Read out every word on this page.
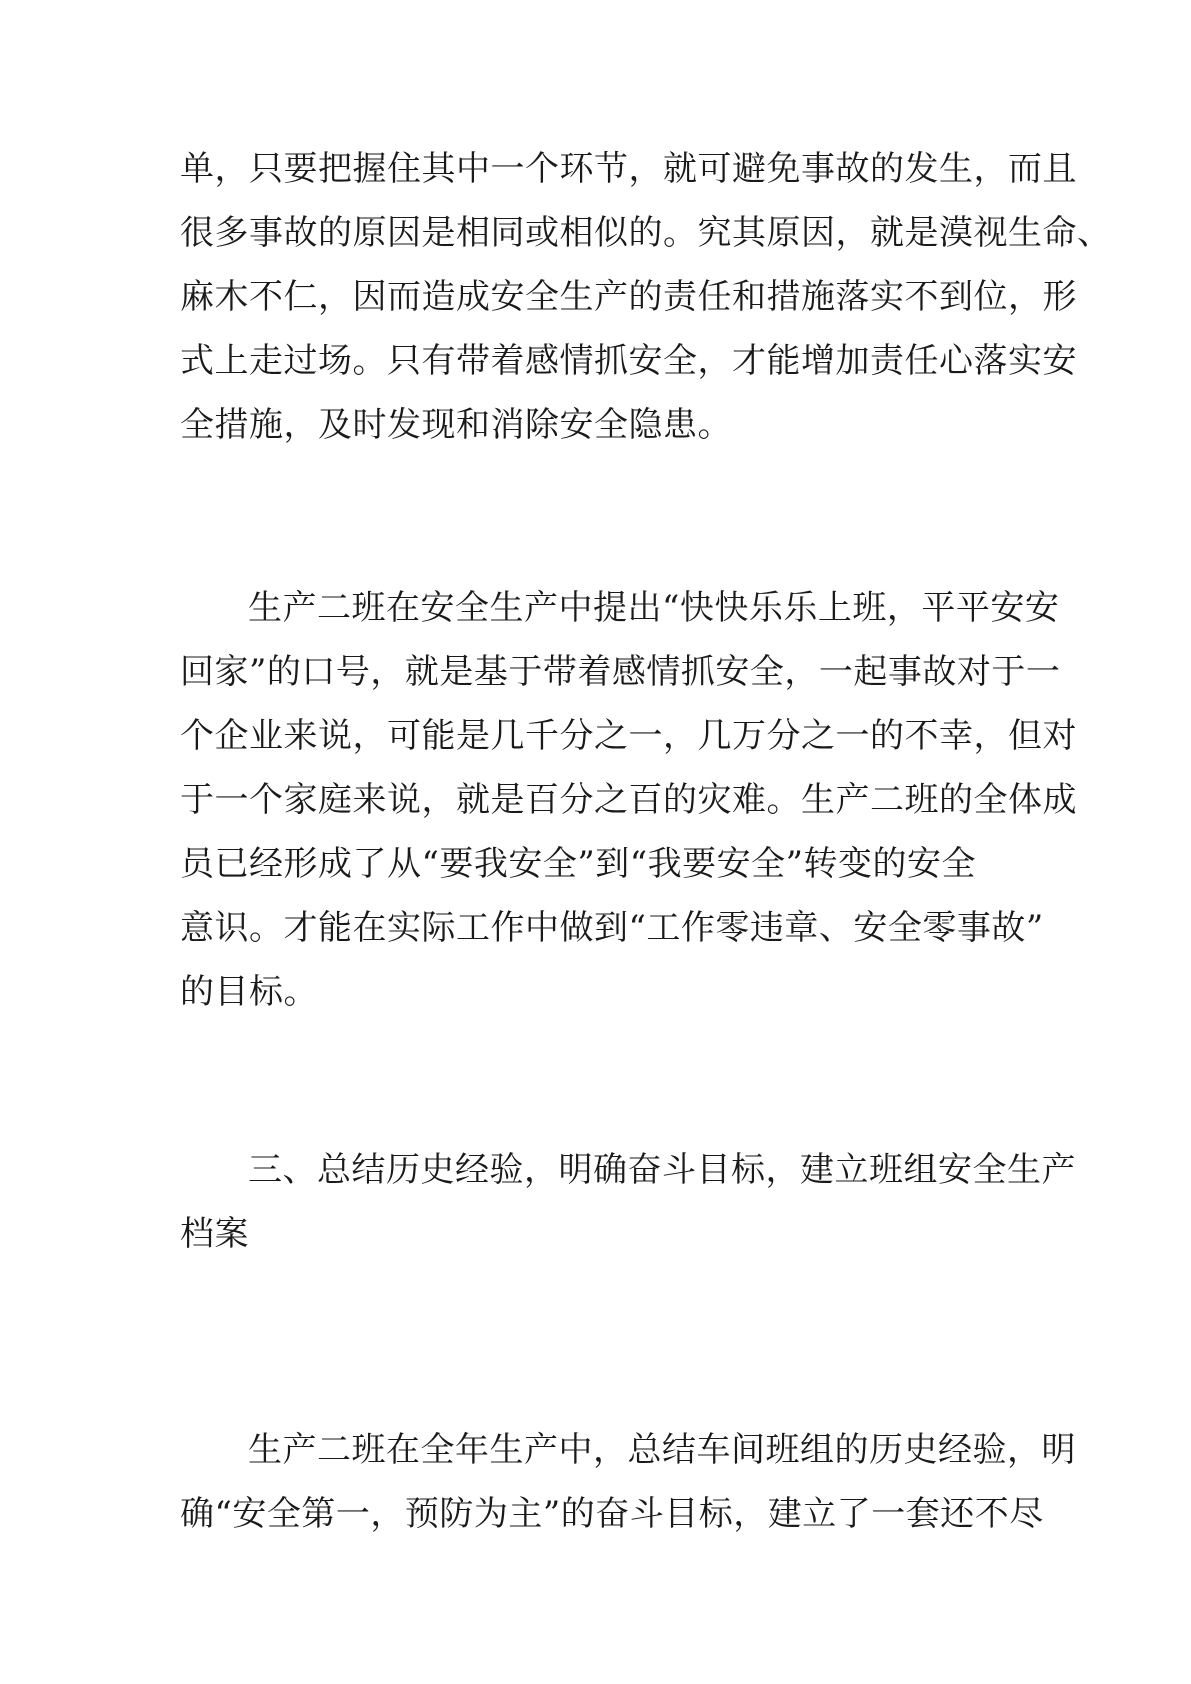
单，只要把握住其中一个环节，就可避免事故的发生，而且
很多事故的原因是相同或相似的。究其原因，就是漠视生命、
麻木不仁，因而造成安全生产的责任和措施落实不到位，形
式上走过场。只有带着感情抓安全，才能增加责任心落实安
全措施，及时发现和消除安全隐患。
生产二班在安全生产中提出“快快乐乐上班，平平安安
回家”的口号，就是基于带着感情抓安全，一起事故对于一
个企业来说，可能是几千分之一，几万分之一的不幸，但对
于一个家庭来说，就是百分之百的灾难。生产二班的全体成
员已经形成了从“要我安全”到“我要安全”转变的安全
意识。才能在实际工作中做到“工作零违章、安全零事故”
的目标。
三、总结历史经验，明确奋斗目标，建立班组安全生产
档案
生产二班在全年生产中，总结车间班组的历史经验，明
确“安全第一，预防为主”的奋斗目标，建立了一套还不尽
